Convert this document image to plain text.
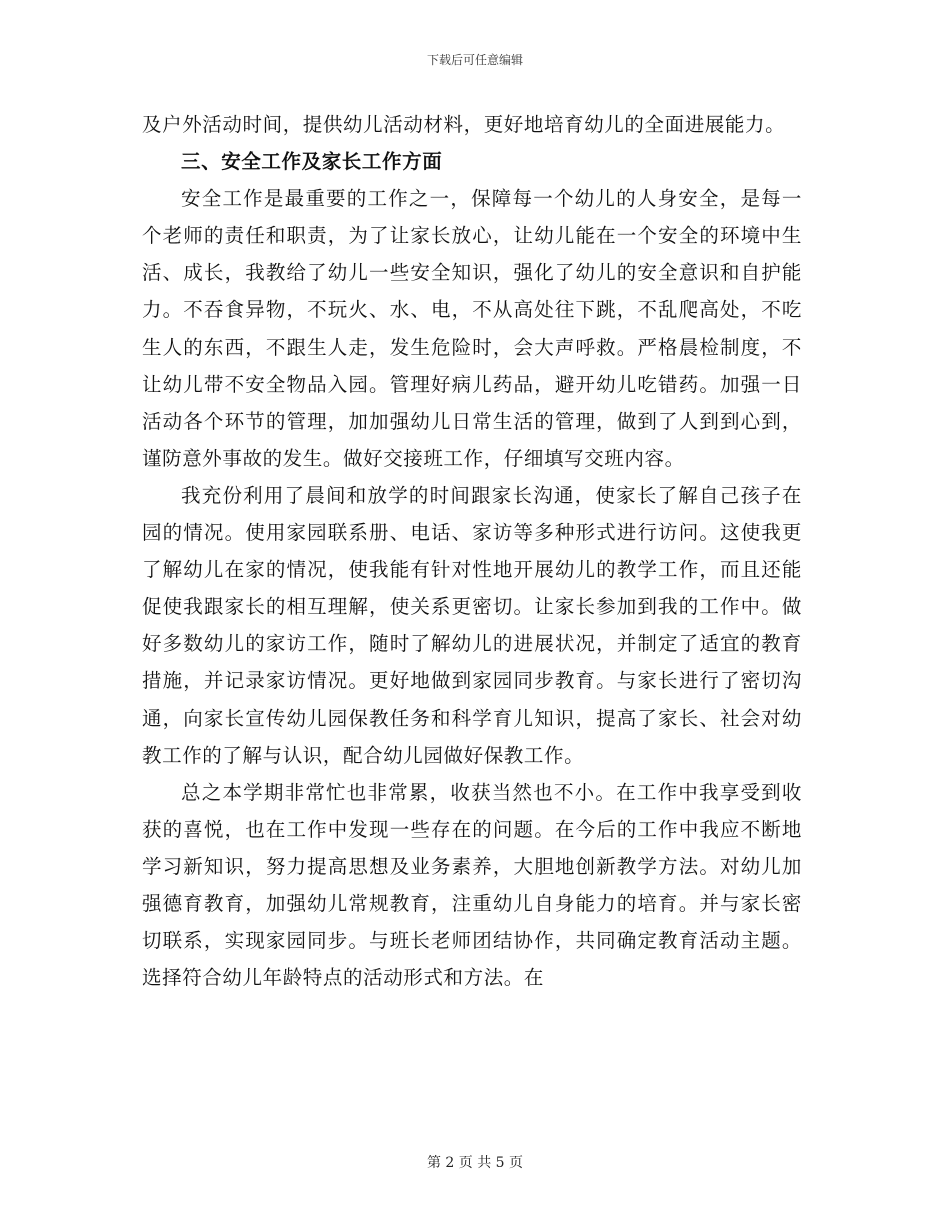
下载后可任意编辑

及户外活动时间，提供幼儿活动材料，更好地培育幼儿的全面进展能力。

三、安全工作及家长工作方面

安全工作是最重要的工作之一，保障每一个幼儿的人身安全，是每一个老师的责任和职责，为了让家长放心，让幼儿能在一个安全的环境中生活、成长，我教给了幼儿一些安全知识，强化了幼儿的安全意识和自护能力。不吞食异物，不玩火、水、电，不从高处往下跳，不乱爬高处，不吃生人的东西，不跟生人走，发生危险时，会大声呼救。严格晨检制度，不让幼儿带不安全物品入园。管理好病儿药品，避开幼儿吃错药。加强一日活动各个环节的管理，加加强幼儿日常生活的管理，做到了人到到心到，谨防意外事故的发生。做好交接班工作，仔细填写交班内容。

我充份利用了晨间和放学的时间跟家长沟通，使家长了解自己孩子在园的情况。使用家园联系册、电话、家访等多种形式进行访问。这使我更了解幼儿在家的情况，使我能有针对性地开展幼儿的教学工作，而且还能促使我跟家长的相互理解，使关系更密切。让家长参加到我的工作中。做好多数幼儿的家访工作，随时了解幼儿的进展状况，并制定了适宜的教育措施，并记录家访情况。更好地做到家园同步教育。与家长进行了密切沟通，向家长宣传幼儿园保教任务和科学育儿知识，提高了家长、社会对幼教工作的了解与认识，配合幼儿园做好保教工作。

总之本学期非常忙也非常累，收获当然也不小。在工作中我享受到收获的喜悦，也在工作中发现一些存在的问题。在今后的工作中我应不断地学习新知识，努力提高思想及业务素养，大胆地创新教学方法。对幼儿加强德育教育，加强幼儿常规教育，注重幼儿自身能力的培育。并与家长密切联系，实现家园同步。与班长老师团结协作，共同确定教育活动主题。选择符合幼儿年龄特点的活动形式和方法。在

第 2 页 共 5 页
